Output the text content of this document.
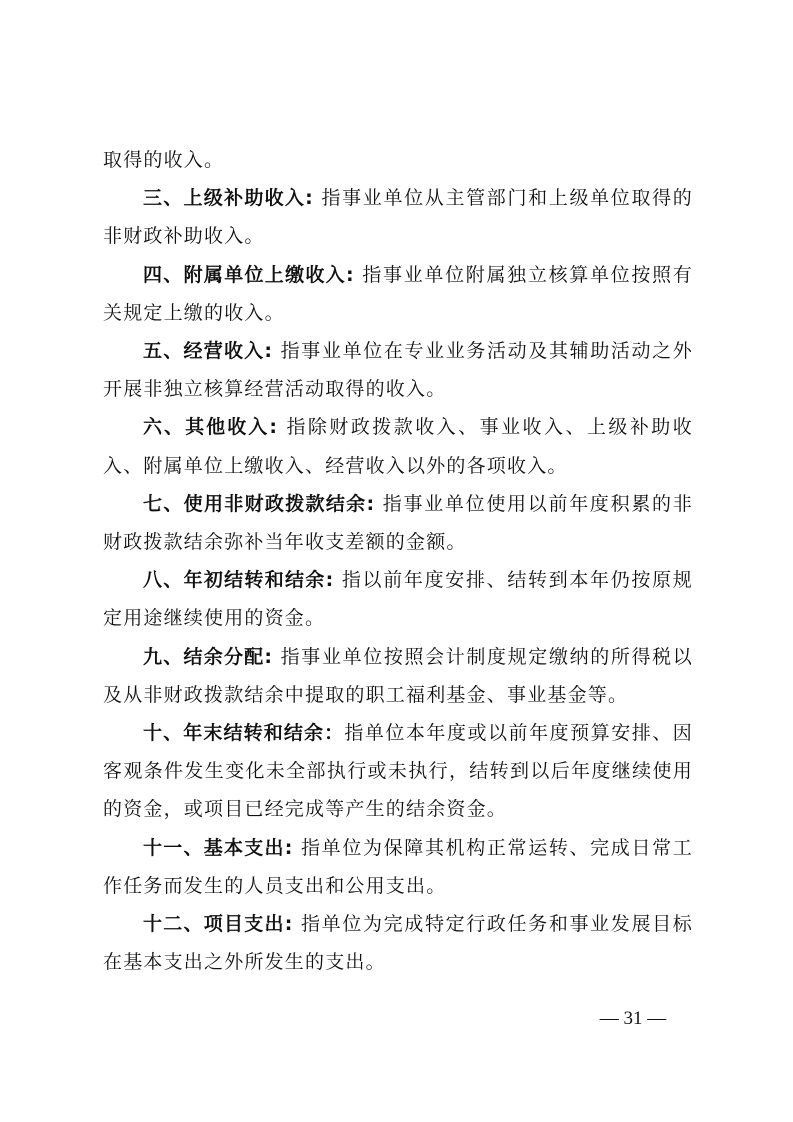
取得的收入。

三、上级补助收入: 指事业单位从主管部门和上级单位取得的非财政补助收入。

四、附属单位上缴收入: 指事业单位附属独立核算单位按照有关规定上缴的收入。

五、经营收入: 指事业单位在专业业务活动及其辅助活动之外开展非独立核算经营活动取得的收入。

六、其他收入: 指除财政拨款收入、事业收入、上级补助收入、附属单位上缴收入、经营收入以外的各项收入。

七、使用非财政拨款结余: 指事业单位使用以前年度积累的非财政拨款结余弥补当年收支差额的金额。

八、年初结转和结余: 指以前年度安排、结转到本年仍按原规定用途继续使用的资金。

九、结余分配: 指事业单位按照会计制度规定缴纳的所得税以及从非财政拨款结余中提取的职工福利基金、事业基金等。

十、年末结转和结余：指单位本年度或以前年度预算安排、因客观条件发生变化未全部执行或未执行，结转到以后年度继续使用的资金，或项目已经完成等产生的结余资金。

十一、基本支出: 指单位为保障其机构正常运转、完成日常工作任务而发生的人员支出和公用支出。

十二、项目支出: 指单位为完成特定行政任务和事业发展目标在基本支出之外所发生的支出。

— 31 —
